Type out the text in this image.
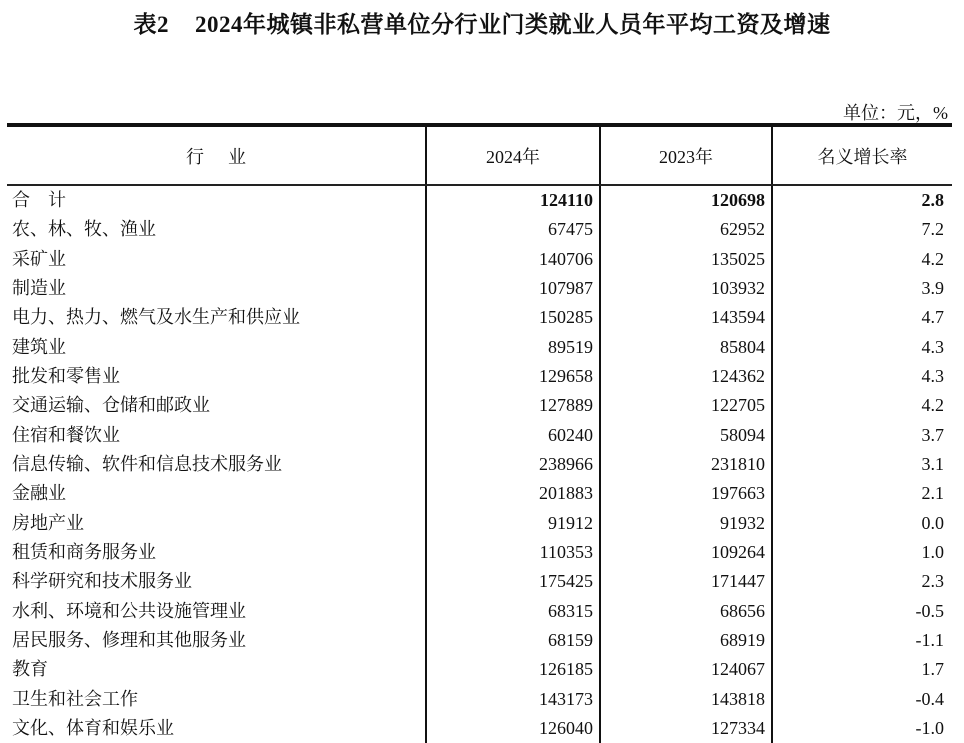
表2 2024年城镇非私营单位分行业门类就业人员年平均工资及增速
单位：元，%
行业	2024年	2023年	名义增长率
合计	124110	120698	2.8
农、林、牧、渔业	67475	62952	7.2
采矿业	140706	135025	4.2
制造业	107987	103932	3.9
电力、热力、燃气及水生产和供应业	150285	143594	4.7
建筑业	89519	85804	4.3
批发和零售业	129658	124362	4.3
交通运输、仓储和邮政业	127889	122705	4.2
住宿和餐饮业	60240	58094	3.7
信息传输、软件和信息技术服务业	238966	231810	3.1
金融业	201883	197663	2.1
房地产业	91912	91932	0.0
租赁和商务服务业	110353	109264	1.0
科学研究和技术服务业	175425	171447	2.3
水利、环境和公共设施管理业	68315	68656	-0.5
居民服务、修理和其他服务业	68159	68919	-1.1
教育	126185	124067	1.7
卫生和社会工作	143173	143818	-0.4
文化、体育和娱乐业	126040	127334	-1.0
